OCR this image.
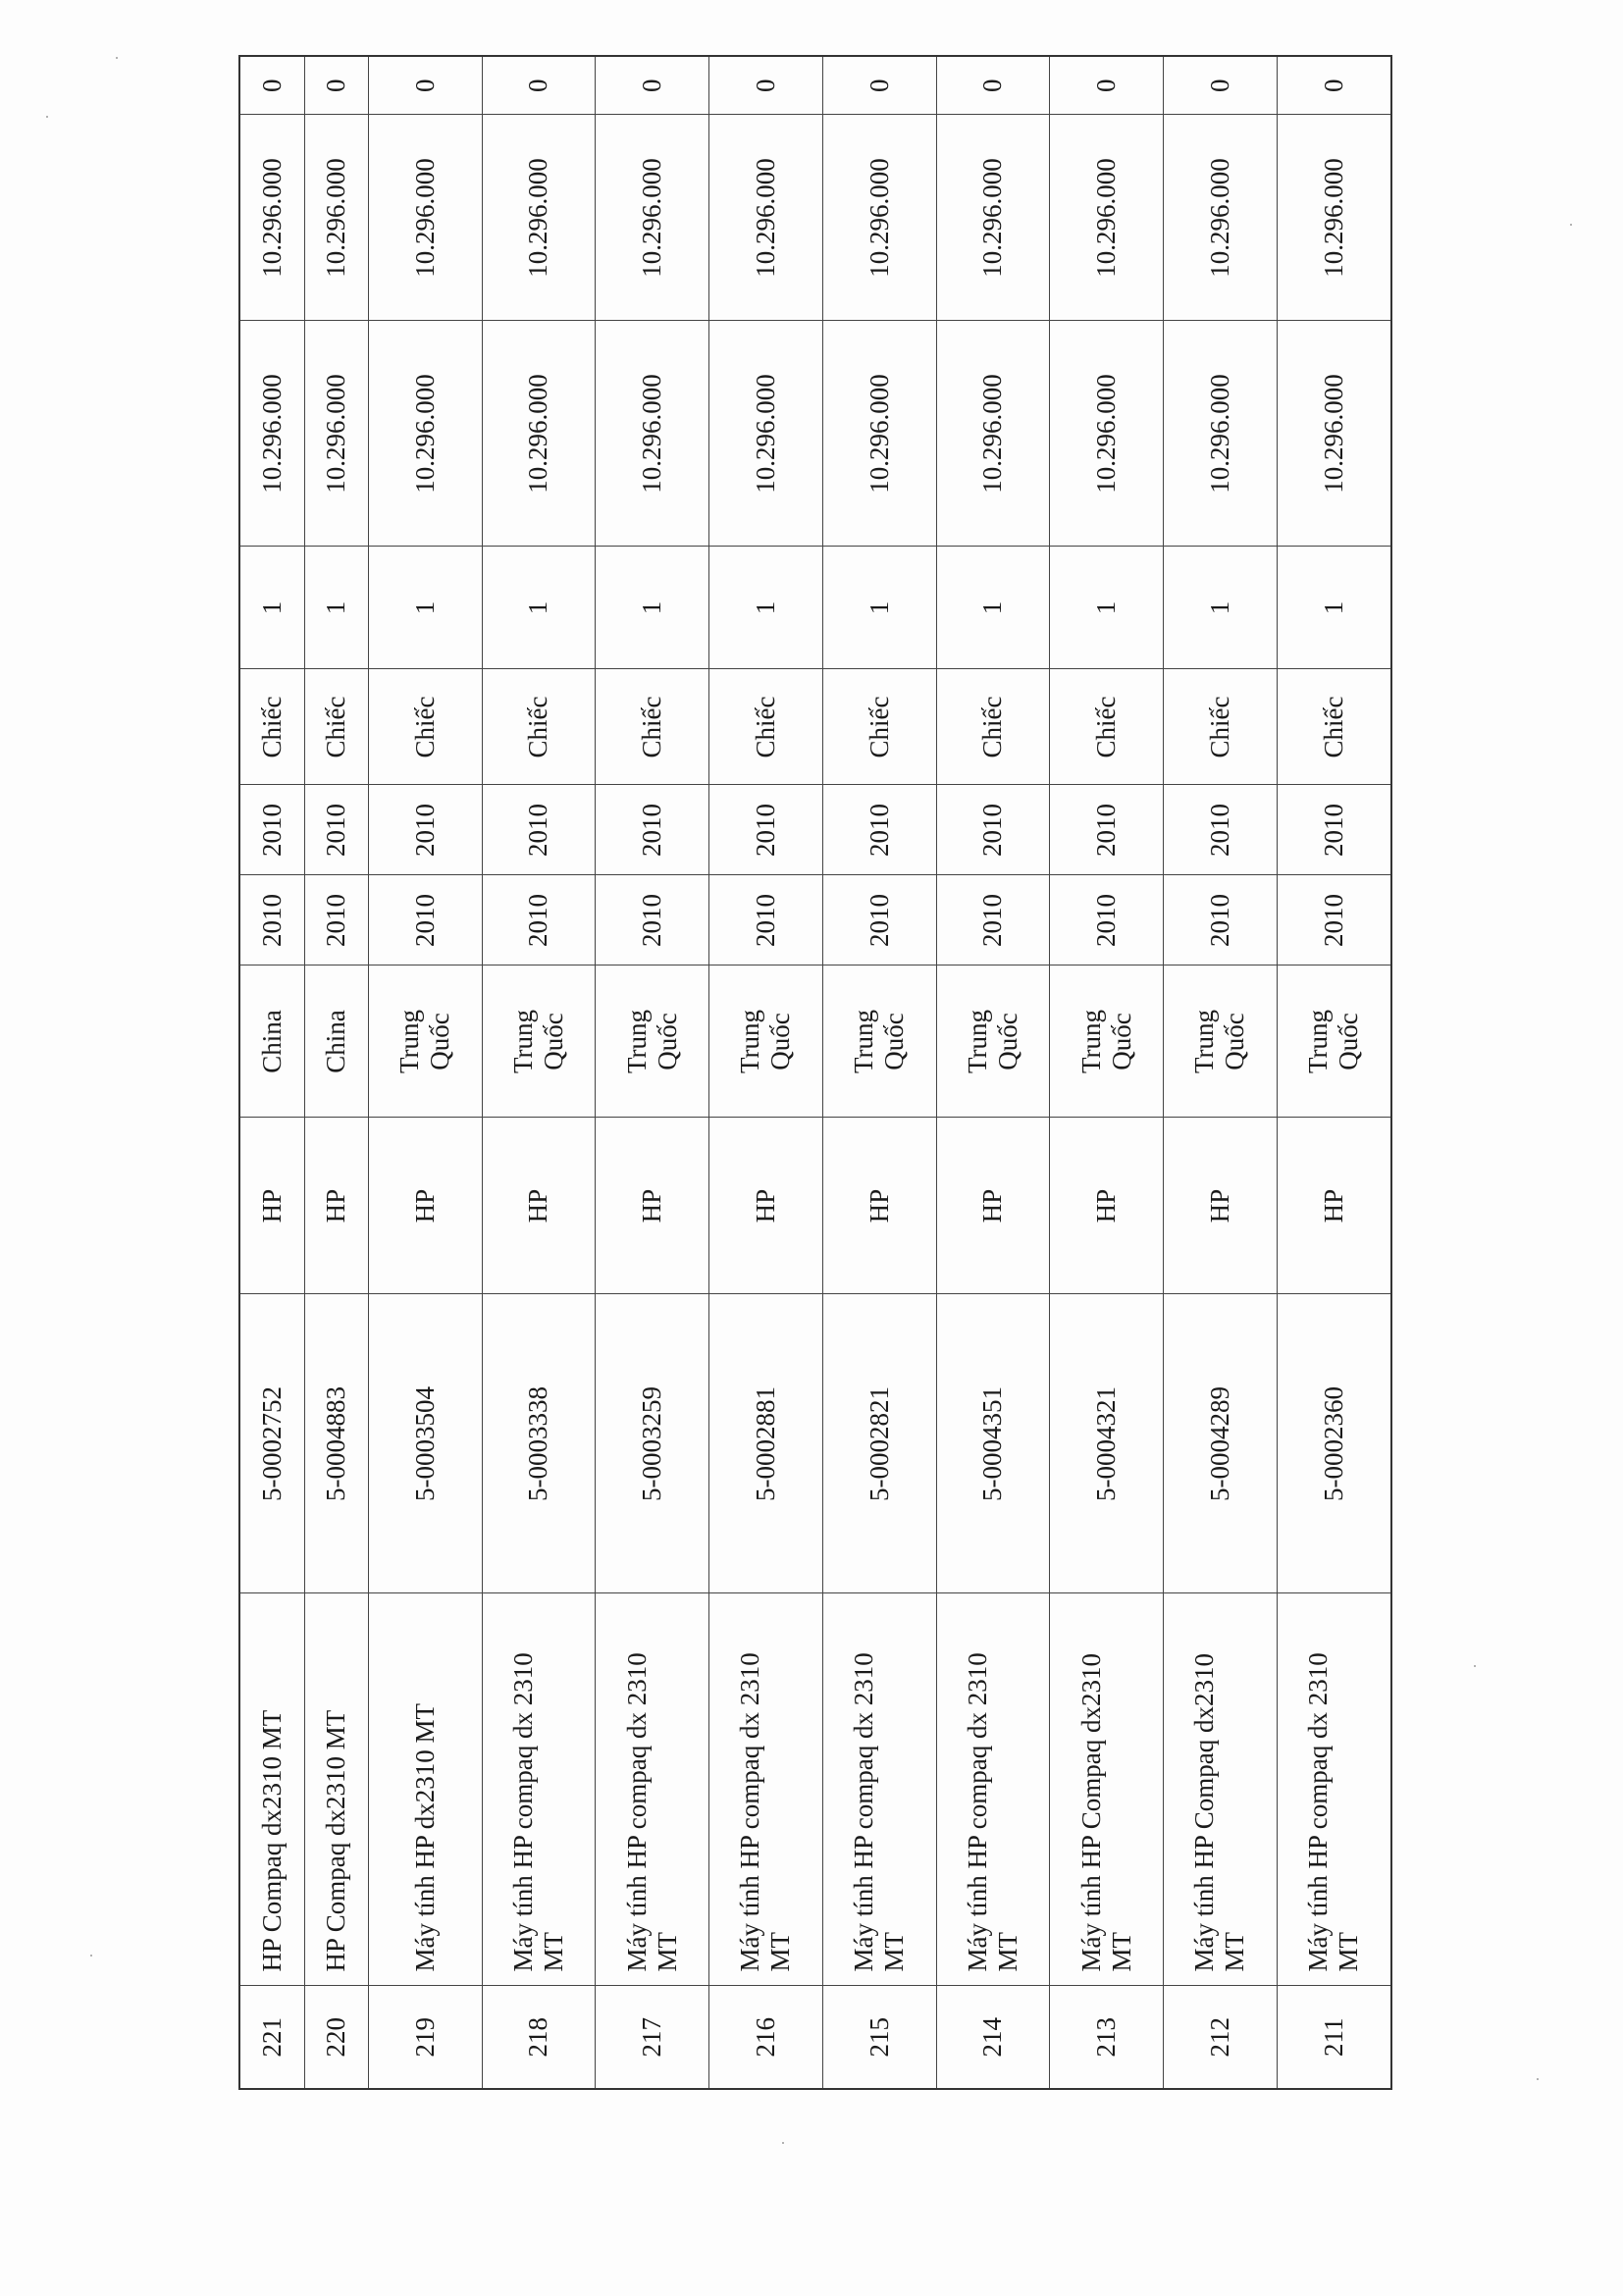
221	HP Compaq dx2310 MT	5-0002752	HP	China	2010	2010	Chiếc	1	10.296.000	10.296.000	0
220	HP Compaq dx2310 MT	5-0004883	HP	China	2010	2010	Chiếc	1	10.296.000	10.296.000	0
219	Máy tính HP dx2310 MT	5-0003504	HP	Trung Quốc	2010	2010	Chiếc	1	10.296.000	10.296.000	0
218	Máy tính HP compaq dx 2310 MT	5-0003338	HP	Trung Quốc	2010	2010	Chiếc	1	10.296.000	10.296.000	0
217	Máy tính HP compaq dx 2310 MT	5-0003259	HP	Trung Quốc	2010	2010	Chiếc	1	10.296.000	10.296.000	0
216	Máy tính HP compaq dx 2310 MT	5-0002881	HP	Trung Quốc	2010	2010	Chiếc	1	10.296.000	10.296.000	0
215	Máy tính HP compaq dx 2310 MT	5-0002821	HP	Trung Quốc	2010	2010	Chiếc	1	10.296.000	10.296.000	0
214	Máy tính HP compaq dx 2310 MT	5-0004351	HP	Trung Quốc	2010	2010	Chiếc	1	10.296.000	10.296.000	0
213	Máy tính HP Compaq dx2310 MT	5-0004321	HP	Trung Quốc	2010	2010	Chiếc	1	10.296.000	10.296.000	0
212	Máy tính HP Compaq dx2310 MT	5-0004289	HP	Trung Quốc	2010	2010	Chiếc	1	10.296.000	10.296.000	0
211	Máy tính HP compaq dx 2310 MT	5-0002360	HP	Trung Quốc	2010	2010	Chiếc	1	10.296.000	10.296.000	0
